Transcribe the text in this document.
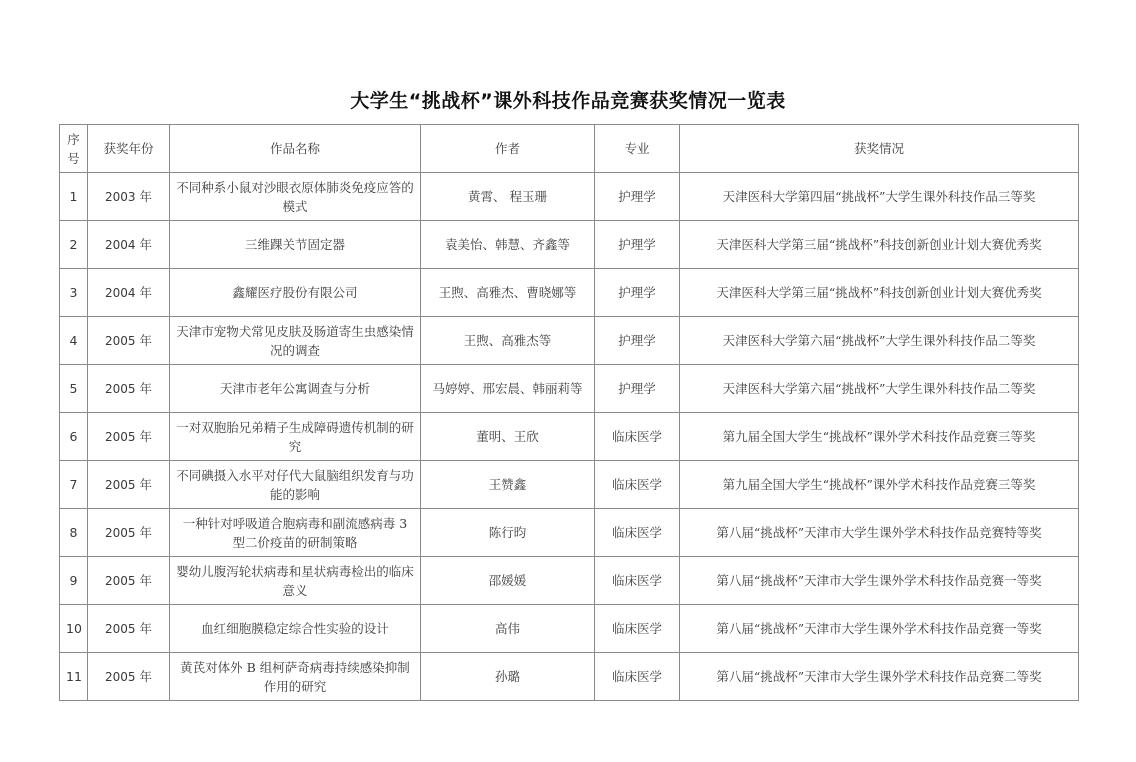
大学生“挑战杯”课外科技作品竞赛获奖情况一览表
序号	获奖年份	作品名称	作者	专业	获奖情况
1	2003 年	不同种系小鼠对沙眼衣原体肺炎免疫应答的模式	黄霄、 程玉珊	护理学	天津医科大学第四届“挑战杯”大学生课外科技作品三等奖
2	2004 年	三维踝关节固定器	袁美怡、韩慧、齐鑫等	护理学	天津医科大学第三届“挑战杯”科技创新创业计划大赛优秀奖
3	2004 年	鑫耀医疗股份有限公司	王煦、高雅杰、曹晓娜等	护理学	天津医科大学第三届“挑战杯”科技创新创业计划大赛优秀奖
4	2005 年	天津市宠物犬常见皮肤及肠道寄生虫感染情况的调查	王煦、高雅杰等	护理学	天津医科大学第六届“挑战杯”大学生课外科技作品二等奖
5	2005 年	天津市老年公寓调查与分析	马婷婷、邢宏晨、韩丽莉等	护理学	天津医科大学第六届“挑战杯”大学生课外科技作品二等奖
6	2005 年	一对双胞胎兄弟精子生成障碍遗传机制的研究	董明、王欣	临床医学	第九届全国大学生“挑战杯”课外学术科技作品竞赛三等奖
7	2005 年	不同碘摄入水平对仔代大鼠脑组织发育与功能的影响	王赞鑫	临床医学	第九届全国大学生“挑战杯”课外学术科技作品竞赛三等奖
8	2005 年	一种针对呼吸道合胞病毒和副流感病毒 3 型二价疫苗的研制策略	陈行昀	临床医学	第八届“挑战杯”天津市大学生课外学术科技作品竞赛特等奖
9	2005 年	婴幼儿腹泻轮状病毒和星状病毒检出的临床意义	邵媛媛	临床医学	第八届“挑战杯”天津市大学生课外学术科技作品竞赛一等奖
10	2005 年	血红细胞膜稳定综合性实验的设计	高伟	临床医学	第八届“挑战杯”天津市大学生课外学术科技作品竞赛一等奖
11	2005 年	黄芪对体外 B 组柯萨奇病毒持续感染抑制作用的研究	孙璐	临床医学	第八届“挑战杯”天津市大学生课外学术科技作品竞赛二等奖
